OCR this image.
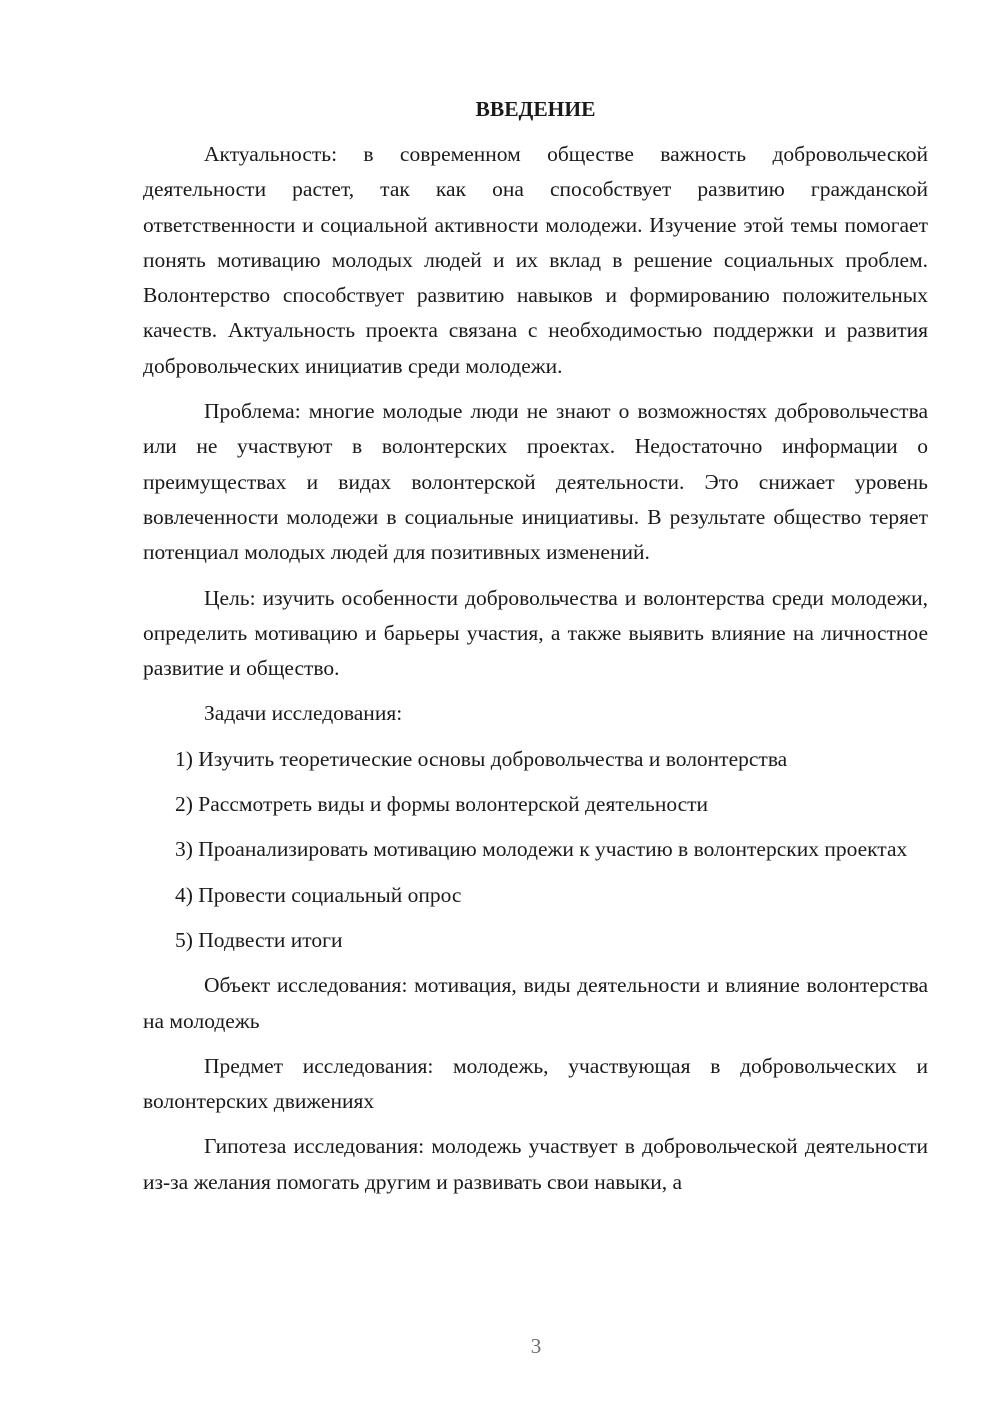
ВВЕДЕНИЕ

Актуальность: в современном обществе важность добровольческой деятельности растет, так как она способствует развитию гражданской ответственности и социальной активности молодежи. Изучение этой темы помогает понять мотивацию молодых людей и их вклад в решение социальных проблем. Волонтерство способствует развитию навыков и формированию положительных качеств. Актуальность проекта связана с необходимостью поддержки и развития добровольческих инициатив среди молодежи.

Проблема: многие молодые люди не знают о возможностях добровольчества или не участвуют в волонтерских проектах. Недостаточно информации о преимуществах и видах волонтерской деятельности. Это снижает уровень вовлеченности молодежи в социальные инициативы. В результате общество теряет потенциал молодых людей для позитивных изменений.

Цель: изучить особенности добровольчества и волонтерства среди молодежи, определить мотивацию и барьеры участия, а также выявить влияние на личностное развитие и общество.

Задачи исследования:

1) Изучить теоретические основы добровольчества и волонтерства

2) Рассмотреть виды и формы волонтерской деятельности

3) Проанализировать мотивацию молодежи к участию в волонтерских проектах

4) Провести социальный опрос

5) Подвести итоги

Объект исследования: мотивация, виды деятельности и влияние волонтерства на молодежь

Предмет исследования: молодежь, участвующая в добровольческих и волонтерских движениях

Гипотеза исследования: молодежь участвует в добровольческой деятельности из-за желания помогать другим и развивать свои навыки, а

3
